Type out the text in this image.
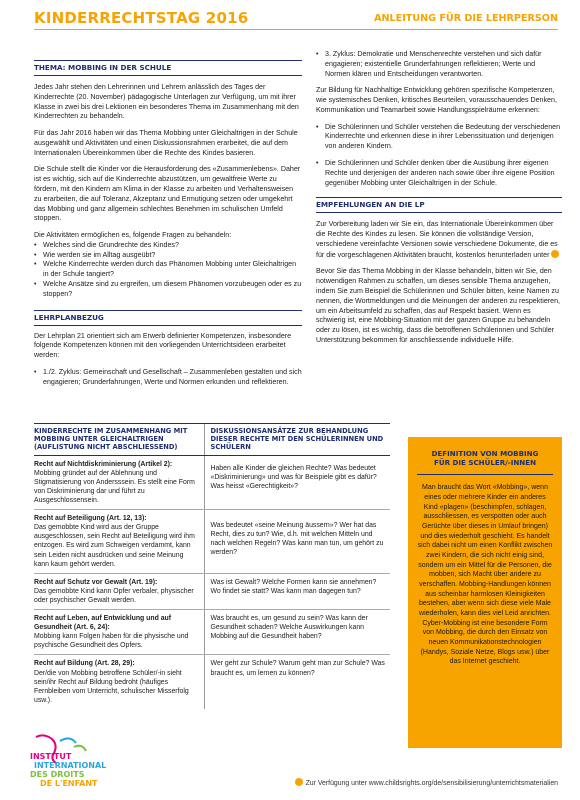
KINDERRECHTSTAG 2016	ANLEITUNG FÜR DIE LEHRPERSON
THEMA: MOBBING IN DER SCHULE

Jedes Jahr stehen den Lehrerinnen und Lehrern anlässlich des Tages der Kinderrechte (20. November) pädagogische Unterlagen zur Verfügung, um mit ihrer Klasse in zwei bis drei Lektionen ein besonderes Thema im Zusammenhang mit den Kinderrechten zu behandeln.

Für das Jahr 2016 haben wir das Thema Mobbing unter Gleichaltrigen in der Schule ausgewählt und Aktivitäten und einen Diskussionsrahmen erarbeitet, die auf dem Internationalen Übereinkommen über die Rechte des Kindes basieren.

Die Schule stellt die Kinder vor die Herausforderung des «Zusammenlebens». Daher ist es wichtig, sich auf die Kinderrechte abzustützen, um gewaltfreie Werte zu fördern, mit den Kindern am Klima in der Klasse zu arbeiten und Verhaltensweisen zu erarbeiten, die auf Toleranz, Akzeptanz und Ermutigung setzen oder umgekehrt das Mobbing und ganz allgemein schlechtes Benehmen im schulischen Umfeld stoppen.

Die Aktivitäten ermöglichen es, folgende Fragen zu behandeln:

• Welches sind die Grundrechte des Kindes?
• Wie werden sie im Alltag ausgeübt?
• Welche Kinderrechte werden durch das Phänomen Mobbing unter Gleichaltrigen in der Schule tangiert?
• Welche Ansätze sind zu ergreifen, um diesem Phänomen vorzubeugen oder es zu stoppen?
LEHRPLANBEZUG

Der Lehrplan 21 orientiert sich am Erwerb definierter Kompetenzen, insbesondere folgende Kompetenzen können mit den vorliegenden Unterrichtsideen erarbeitet werden:

• 1./2. Zyklus: Gemeinschaft und Gesellschaft – Zusammenleben gestalten und sich engagieren; Grunderfahrungen, Werte und Normen erkunden und reflektieren.
• 3. Zyklus: Demokratie und Menschenrechte verstehen und sich dafür engagieren; existentielle Grunderfahrungen reflektieren; Werte und Normen klären und Entscheidungen verantworten.

Zur Bildung für Nachhaltige Entwicklung gehören spezifische Kompetenzen, wie systemisches Denken, kritisches Beurteilen, vorausschauendes Denken, Kommunikation und Teamarbeit sowie Handlungsspielräume erkennen:

• Die Schülerinnen und Schüler verstehen die Bedeutung der verschiedenen Kinderrechte und erkennen diese in ihrer Lebenssituation und derjenigen von anderen Kindern.
• Die Schülerinnen und Schüler denken über die Ausübung ihrer eigenen Rechte und derjenigen der anderen nach sowie über ihre eigene Position gegenüber Mobbing unter Gleichaltrigen in der Schule.
EMPFEHLUNGEN AN DIE LP

Zur Vorbereitung laden wir Sie ein, das Internationale Übereinkommen über die Rechte des Kindes zu lesen. Sie können die vollständige Version, verschiedene vereinfachte Versionen sowie verschiedene Dokumente, die es für die vorgeschlagenen Aktivitäten braucht, kostenlos herunterladen unter

Bevor Sie das Thema Mobbing in der Klasse behandeln, bitten wir Sie, den notwendigen Rahmen zu schaffen, um dieses sensible Thema anzugehen, indem Sie zum Beispiel die Schülerinnen und Schüler bitten, keine Namen zu nennen, die Wortmeldungen und die Meinungen der anderen zu respektieren, um ein Arbeitsumfeld zu schaffen, das auf Respekt basiert. Wenn es schwierig ist, eine Mobbing-Situation mit der ganzen Gruppe zu behandeln oder zu lösen, ist es wichtig, dass die betroffenen Schülerinnen und Schüler Unterstützung bekommen für anschliessende individuelle Hilfe.

KINDERRECHTE IM ZUSAMMENHANG MIT MOBBING UNTER GLEICHALTRIGEN (AUFLISTUNG NICHT ABSCHLIESSEND)	DISKUSSIONSANSÄTZE ZUR BEHANDLUNG DIESER RECHTE MIT DEN SCHÜLERINNEN UND SCHÜLERN

Recht auf Nichtdiskriminierung (Artikel 2):
Mobbing gründet auf der Ablehnung und Stigmatisierung von Andersssein. Es stellt eine Form von Diskriminierung dar und führt zu Ausgeschlossensein.	Haben alle Kinder die gleichen Rechte? Was bedeutet «Diskriminierung» und was für Beispiele gibt es dafür? Was heisst «Gerechtigkeit»?

Recht auf Beteiligung (Art. 12, 13):
Das gemobbte Kind wird aus der Gruppe ausgeschlossen, sein Recht auf Beteiligung wird ihm entzogen. Es wird zum Schweigen verdammt, kann sein Leiden nicht ausdrücken und seine Meinung kann kaum gehört werden.	Was bedeutet «seine Meinung äussern»? Wer hat das Recht, dies zu tun? Wie, d.h. mit welchen Mitteln und nach welchen Regeln? Was kann man tun, um gehört zu werden?

Recht auf Schutz vor Gewalt (Art. 19):
Das gemobbte Kind kann Opfer verbaler, physischer oder psychischer Gewalt werden.	Was ist Gewalt? Welche Formen kann sie annehmen? Wo findet sie statt? Was kann man dagegen tun?

Recht auf Leben, auf Entwicklung und auf Gesundheit (Art. 6, 24):
Mobbing kann Folgen haben für die physische und psychische Gesundheit des Opfers.	Was braucht es, um gesund zu sein? Was kann der Gesundheit schaden? Welche Auswirkungen kann Mobbing auf die Gesundheit haben?

Recht auf Bildung (Art. 28, 29):
Der/die von Mobbing betroffene Schüler/-in sieht sein/ihr Recht auf Bildung bedroht (häufiges Fernbleiben vom Unterricht, schulischer Misserfolg usw.).	Wer geht zur Schule? Warum geht man zur Schule? Was braucht es, um lernen zu können?
DEFINITION VON MOBBING
FÜR DIE SCHÜLER/-INNEN
Man braucht das Wort «Mobbing», wenn eines oder mehrere Kinder ein anderes Kind «plagen» (beschimpfen, schlagen, ausschliessen, es verspotten oder auch Gerüchte über dieses in Umlauf bringen) und dies wiederholt geschieht. Es handelt sich dabei nicht um einen Konflikt zwischen zwei Kindern, die sich nicht einig sind, sondern um ein Mittel für die Personen, die mobben, sich Macht über andere zu verschaffen. Mobbing-Handlungen können aus scheinbar harmlosen Kleinigkeiten bestehen, aber wenn sich diese viele Male wiederholen, kann dies viel Leid anrichten. Cyber-Mobbing ist eine besondere Form von Mobbing, die durch den Einsatz von neuen Kommunikationstechnologien (Handys, Soziale Netze, Blogs usw.) über das Internet geschieht.
INSTITUT
INTERNATIONAL
DES DROITS
DE L'ENFANT	Zur Verfügung unter www.childsrights.org/de/sensibilisierung/unterrichtsmaterialien
